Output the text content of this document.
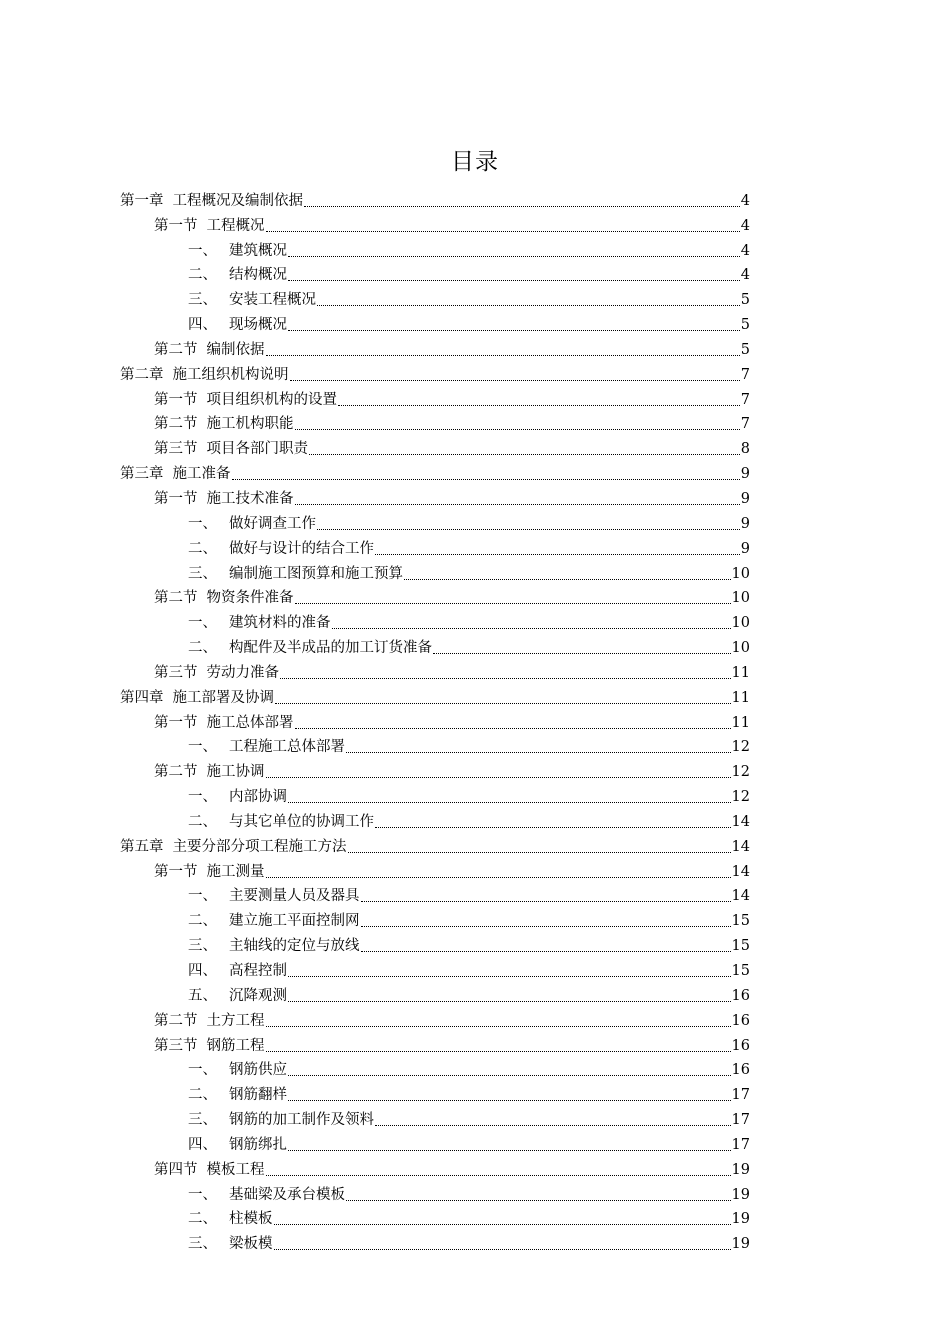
目录
第一章 工程概况及编制依据	4
第一节 工程概况	4
一、 建筑概况	4
二、 结构概况	4
三、 安装工程概况	5
四、 现场概况	5
第二节 编制依据	5
第二章 施工组织机构说明	7
第一节 项目组织机构的设置	7
第二节 施工机构职能	7
第三节 项目各部门职责	8
第三章 施工准备	9
第一节 施工技术准备	9
一、 做好调查工作	9
二、 做好与设计的结合工作	9
三、 编制施工图预算和施工预算	10
第二节 物资条件准备	10
一、 建筑材料的准备	10
二、 构配件及半成品的加工订货准备	10
第三节 劳动力准备	11
第四章 施工部署及协调	11
第一节 施工总体部署	11
一、 工程施工总体部署	12
第二节 施工协调	12
一、 内部协调	12
二、 与其它单位的协调工作	14
第五章 主要分部分项工程施工方法	14
第一节 施工测量	14
一、 主要测量人员及器具	14
二、 建立施工平面控制网	15
三、 主轴线的定位与放线	15
四、 高程控制	15
五、 沉降观测	16
第二节 土方工程	16
第三节 钢筋工程	16
一、 钢筋供应	16
二、 钢筋翻样	17
三、 钢筋的加工制作及领料	17
四、 钢筋绑扎	17
第四节 模板工程	19
一、 基础梁及承台模板	19
二、 柱模板	19
三、 梁板模	19
